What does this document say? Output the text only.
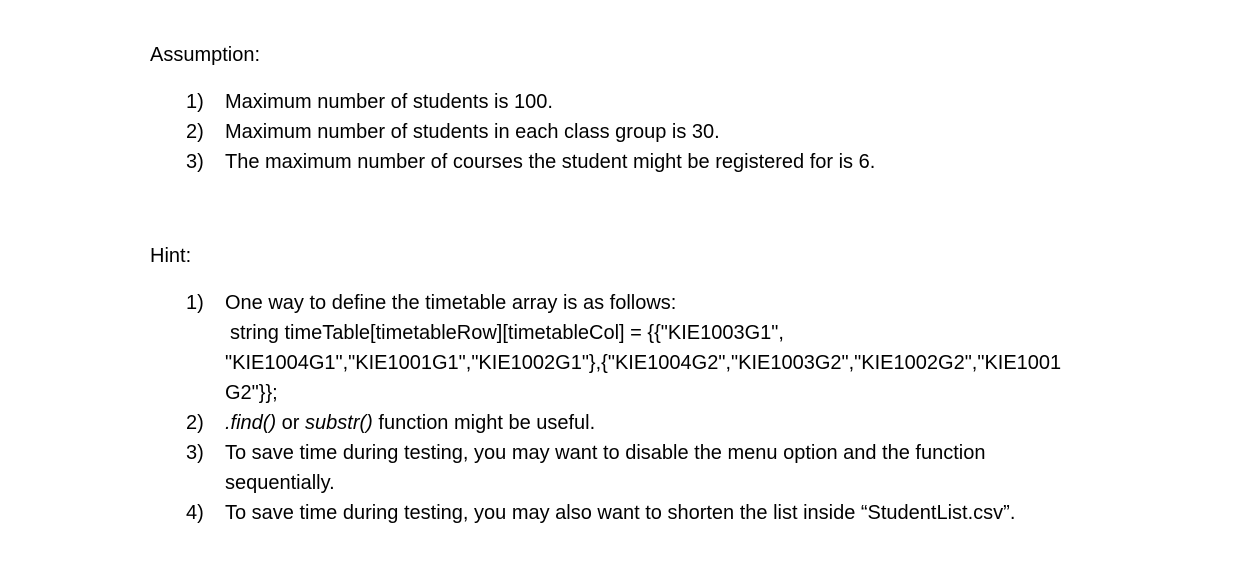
Assumption:
1) Maximum number of students is 100.
2) Maximum number of students in each class group is 30.
3) The maximum number of courses the student might be registered for is 6.
Hint:
1) One way to define the timetable array is as follows:
string timeTable[timetableRow][timetableCol] = {{"KIE1003G1",
"KIE1004G1","KIE1001G1","KIE1002G1"},{"KIE1004G2","KIE1003G2","KIE1002G2","KIE1001
G2"}};
2) .find() or substr() function might be useful.
3) To save time during testing, you may want to disable the menu option and the function
sequentially.
4) To save time during testing, you may also want to shorten the list inside “StudentList.csv”.
